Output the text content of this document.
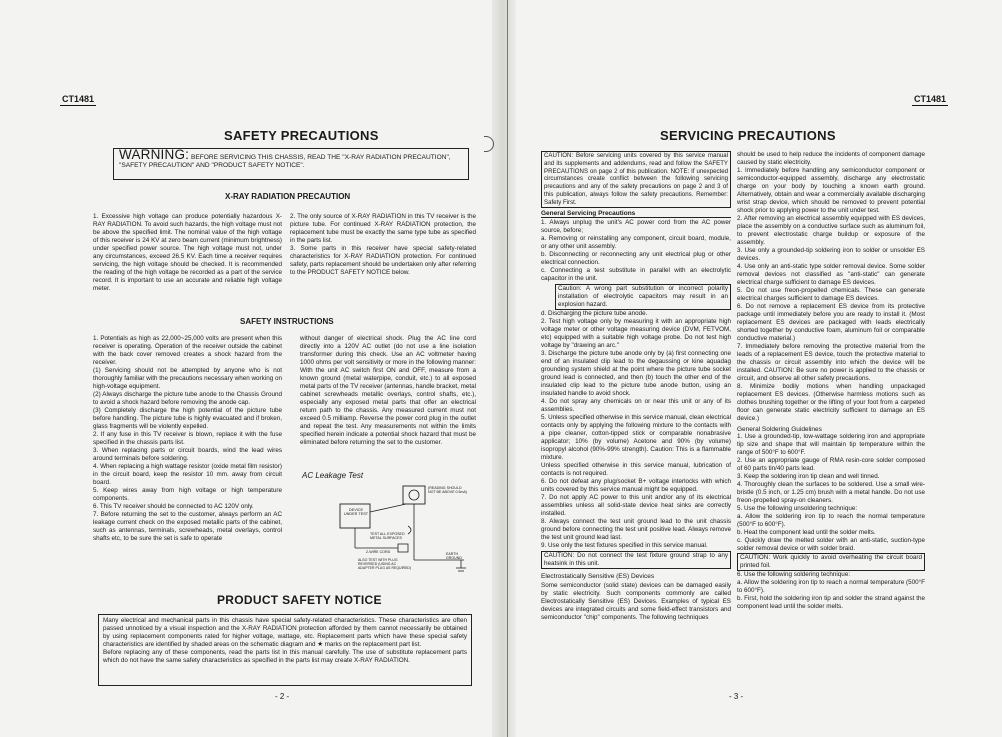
CT1481
SAFETY PRECAUTIONS
WARNING: BEFORE SERVICING THIS CHASSIS, READ THE "X-RAY RADIATION PRECAUTION", "SAFETY PRECAUTION" AND "PRODUCT SAFETY NOTICE".
X-RAY RADIATION PRECAUTION
1. Excessive high voltage can produce potentially hazardous X-RAY RADIATION. To avoid such hazards, the high voltage must not be above the specified limit. The nominal value of the high voltage of this receiver is 24 KV at zero beam current (minimum brightness) under specified power source. The high voltage must not, under any circumstances, exceed 26.5 KV. Each time a receiver requires servicing, the high voltage should be checked. It is recommended the reading of the high voltage be recorded as a part of the service record. It is important to use an accurate and reliable high voltage meter.
2. The only source of X-RAY RADIATION in this TV receiver is the picture tube. For continued X-RAY RADIATION protection, the replacement tube must be exactly the same type tube as specified in the parts list.
3. Some parts in this receiver have special safety-related characteristics for X-RAY RADIATION protection. For continued safety, parts replacement should be undertaken only after referring to the PRODUCT SAFETY NOTICE below.
SAFETY INSTRUCTIONS
1. Potentials as high as 22,000~25,000 volts are present when this receiver is operating. Operation of the receiver outside the cabinet with the back cover removed creates a shock hazard from the receiver.
(1) Servicing should not be attempted by anyone who is not thoroughly familiar with the precautions necessary when working on high-voltage equipment.
(2) Always discharge the picture tube anode to the Chassis Ground to avoid a shock hazard before removing the anode cap.
(3) Completely discharge the high potential of the picture tube before handling. The picture tube is highly evacuated and if broken, glass fragments will be violently expelled.
2. If any fuse in this TV receiver is blown, replace it with the fuse specified in the chassis parts list.
3. When replacing parts or circuit boards, wind the lead wires around terminals before soldering.
4. When replacing a high wattage resistor (oxide metal film resistor) in the circuit board, keep the resistor 10 mm. away from circuit board.
5. Keep wires away from high voltage or high temperature components.
6. This TV receiver should be connected to AC 120V only.
7. Before returning the set to the customer, always perform an AC leakage current check on the exposed metallic parts of the cabinet, such as antennas, terminals, screwheads, metal overlays, control shafts etc, to be sure the set is safe to operate
without danger of electrical shock. Plug the AC line cord directly into a 120V AC outlet (do not use a line isolation transformer during this check. Use an AC voltmeter having 1000 ohms per volt sensitivity or more in the following manner: With the unit AC switch first ON and OFF, measure from a known ground (metal waterpipe, conduit, etc.) to all exposed metal parts of the TV receiver (antennas, handle bracket, metal cabinet screwheads metallic overlays, control shafts, etc.), especially any exposed metal parts that offer an electrical return path to the chassis. Any measured current must not exceed 0.5 milliamp. Reverse the power cord plug in the outlet and repeat the test. Any measurements not within the limits specified herein indicate a potential shock hazard that must be eliminated before returning the set to the customer.
AC Leakage Test
DEVICE UNDER TEST
TEST ALL EXPOSED METAL SURFACES
2-WIRE CORD
ALSO TEST WITH PLUG REVERSED (USING AC ADAPTER PLUG AS REQUIRED)
(READING SHOULD NOT BE ABOVE 0.5mA)
EARTH GROUND
PRODUCT SAFETY NOTICE
Many electrical and mechanical parts in this chassis have special safety-related characteristics. These characteristics are often passed unnoticed by a visual inspection and the X-RAY RADIATION protection afforded by them cannot necessarily be obtained by using replacement components rated for higher voltage, wattage, etc. Replacement parts which have these special safety characteristics are identified by shaded areas on the schematic diagram and ★ marks on the replacement part list.
Before replacing any of these components, read the parts list in this manual carefully. The use of substitute replacement parts which do not have the same safety characteristics as specified in the parts list may create X-RAY RADIATION.
- 2 -
CT1481
SERVICING PRECAUTIONS
CAUTION: Before servicing units covered by this service manual and its supplements and addendums, read and follow the SAFETY PRECAUTIONS on page 2 of this publication. NOTE: If unexpected circumstances create conflict between the following servicing precautions and any of the safety precautions on page 2 and 3 of this publication, always follow the safety precautions. Remember: Safety First.
General Servicing Precautions
1. Always unplug the unit's AC power cord from the AC power source, before;
a. Removing or reinstalling any component, circuit board, module, or any other unit assembly.
b. Disconnecting or reconnecting any unit electrical plug or other electrical connection.
c. Connecting a test substitute in parallel with an electrolytic capacitor in the unit.
Caution: A wrong part substitution or incorrect polarity installation of electrolytic capacitors may result in an explosion hazard.
d. Discharging the picture tube anode.
2. Test high voltage only by measuring it with an appropriate high voltage meter or other voltage measuring device (DVM, FETVOM, etc) equipped with a suitable high voltage probe. Do not test high voltage by "drawing an arc."
3. Discharge the picture tube anode only by (a) first connecting one end of an insulated clip lead to the degaussing or kine aquadag grounding system shield at the point where the picture tube socket ground lead is connected, and then (b) touch the other end of the insulated clip lead to the picture tube anode button, using an insulated handle to avoid shock.
4. Do not spray any chemicals on or near this unit or any of its assemblies.
5. Unless specified otherwise in this service manual, clean electrical contacts only by applying the following mixture to the contacts with a pipe cleaner, cotton-tipped stick or comparable nonabrasive applicator; 10% (by volume) Acetone and 90% (by volume) isopropyl alcohol (90%-99% strength). Caution: This is a flammable mixture.
Unless specified otherwise in this service manual, lubrication of contacts is not required.
6. Do not defeat any plug/socket B+ voltage interlocks with which units covered by this service manual might be equipped.
7. Do not apply AC power to this unit and/or any of its electrical assemblies unless all solid-state device heat sinks are correctly installed.
8. Always connect the test unit ground lead to the unit chassis ground before connecting the test unit positive lead. Always remove the test unit ground lead last.
9. Use only the test fixtures specified in this service manual.
CAUTION: Do not connect the test fixture ground strap to any heatsink in this unit.
Electrostatically Sensitive (ES) Devices
Some semiconductor (solid state) devices can be damaged easily by static electricity. Such components commonly are called Electrostatically Sensitive (ES) Devices. Examples of typical ES devices are integrated circuits and some field-effect transistors and semiconductor "chip" components. The following techniques
should be used to help reduce the incidents of component damage caused by static electricity.
1. Immediately before handling any semiconductor component or semiconductor-equipped assembly, discharge any electrostatic charge on your body by touching a known earth ground. Alternatively, obtain and wear a commercially available discharging wrist strap device, which should be removed to prevent potential shock prior to applying power to the unit under test.
2. After removing an electrical assembly equipped with ES devices, place the assembly on a conductive surface such as aluminum foil, to prevent electrostatic charge buildup or exposure of the assembly.
3. Use only a grounded-tip soldering iron to solder or unsolder ES devices.
4. Use only an anti-static type solder removal device. Some solder removal devices not classified as "anti-static" can generate electrical charge sufficient to damage ES devices.
5. Do not use freon-propelled chemicals. These can generate electrical charges sufficient to damage ES devices.
6. Do not remove a replacement ES device from its protective package until immediately before you are ready to install it. (Most replacement ES devices are packaged with leads electrically shorted together by conductive foam, aluminum foil or comparable conductive material.)
7. Immediately before removing the protective material from the leads of a replacement ES device, touch the protective material to the chassis or circuit assembly into which the device will be installed. CAUTION: Be sure no power is applied to the chassis or circuit, and observe all other safety precautions.
8. Minimize bodily motions when handling unpackaged replacement ES devices. (Otherwise harmless motions such as clothes brushing together or the lifting of your foot from a carpeted floor can generate static electricity sufficient to damage an ES device.)
General Soldering Guidelines
1. Use a grounded-tip, low-wattage soldering iron and appropriate tip size and shape that will maintain tip temperature within the range of 500°F to 600°F.
2. Use an appropriate gauge of RMA resin-core solder composed of 60 parts tin/40 parts lead.
3. Keep the soldering iron tip clean and well tinned.
4. Thoroughly clean the surfaces to be soldered. Use a small wire-bristle (0.5 inch, or 1.25 cm) brush with a metal handle. Do not use freon-propelled spray-on cleaners.
5. Use the following unsoldering technique:
a. Allow the soldering iron tip to reach the normal temperature (500°F to 600°F).
b. Heat the component lead until the solder melts.
c. Quickly draw the melted solder with an anti-static, suction-type solder removal device or with solder braid.
CAUTION: Work quickly to avoid overheating the circuit board printed foil.
6. Use the following soldering technique:
a. Allow the soldering iron tip to reach a normal temperature (500°F to 600°F).
b. First, hold the soldering iron tip and solder the strand against the component lead until the solder melts.
- 3 -
